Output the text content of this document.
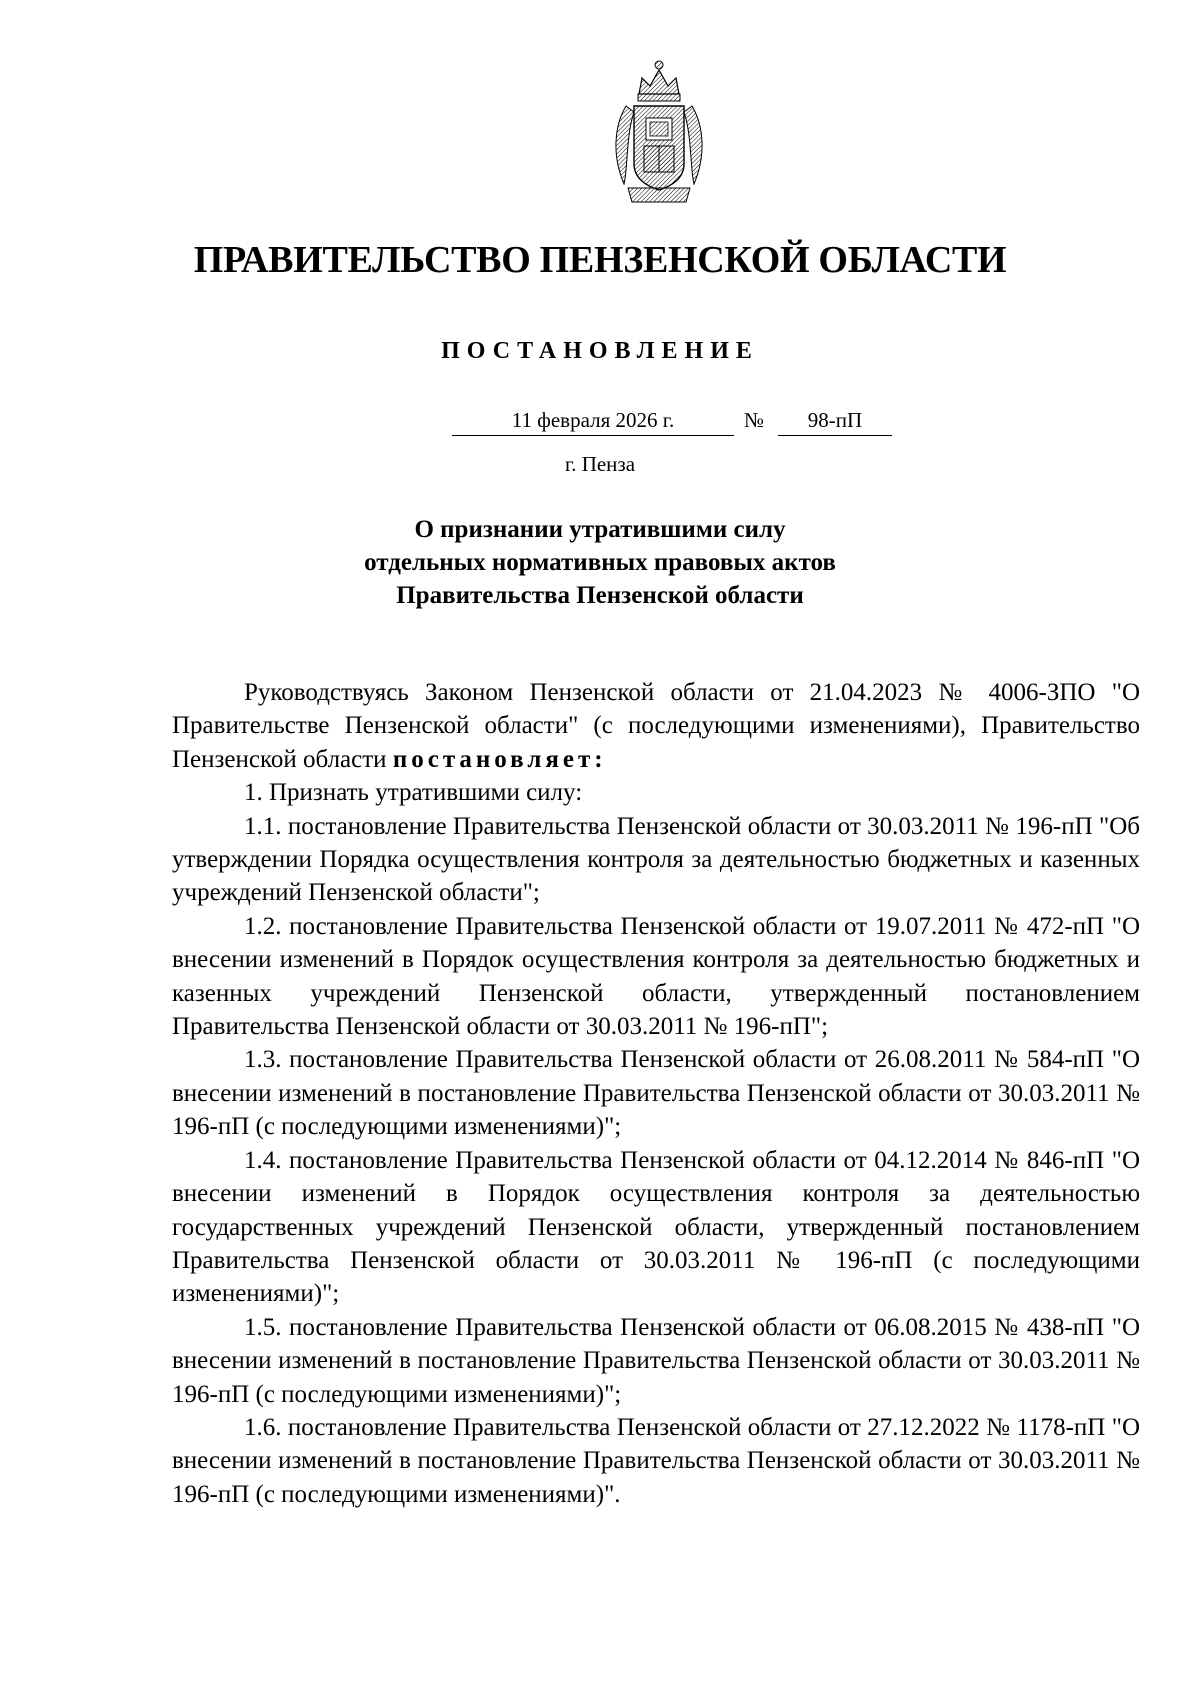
ПРАВИТЕЛЬСТВО ПЕНЗЕНСКОЙ ОБЛАСТИ
ПОСТАНОВЛЕНИЕ
11 февраля 2026 г.	№	98-пП
г. Пенза
О признании утратившими силу
отдельных нормативных правовых актов
Правительства Пензенской области

Руководствуясь Законом Пензенской области от 21.04.2023 № 4006-ЗПО "О Правительстве Пензенской области" (с последующими изменениями), Правительство Пензенской области постановляет:

1. Признать утратившими силу:

1.1. постановление Правительства Пензенской области от 30.03.2011 № 196-пП "Об утверждении Порядка осуществления контроля за деятельностью бюджетных и казенных учреждений Пензенской области";

1.2. постановление Правительства Пензенской области от 19.07.2011 № 472-пП "О внесении изменений в Порядок осуществления контроля за деятельностью бюджетных и казенных учреждений Пензенской области, утвержденный постановлением Правительства Пензенской области от 30.03.2011 № 196-пП";

1.3. постановление Правительства Пензенской области от 26.08.2011 № 584-пП "О внесении изменений в постановление Правительства Пензенской области от 30.03.2011 № 196-пП (с последующими изменениями)";

1.4. постановление Правительства Пензенской области от 04.12.2014 № 846-пП "О внесении изменений в Порядок осуществления контроля за деятельностью государственных учреждений Пензенской области, утвержденный постановлением Правительства Пензенской области от 30.03.2011 № 196-пП (с последующими изменениями)";

1.5. постановление Правительства Пензенской области от 06.08.2015 № 438-пП "О внесении изменений в постановление Правительства Пензенской области от 30.03.2011 № 196-пП (с последующими изменениями)";

1.6. постановление Правительства Пензенской области от 27.12.2022 № 1178-пП "О внесении изменений в постановление Правительства Пензенской области от 30.03.2011 № 196-пП (с последующими изменениями)".
